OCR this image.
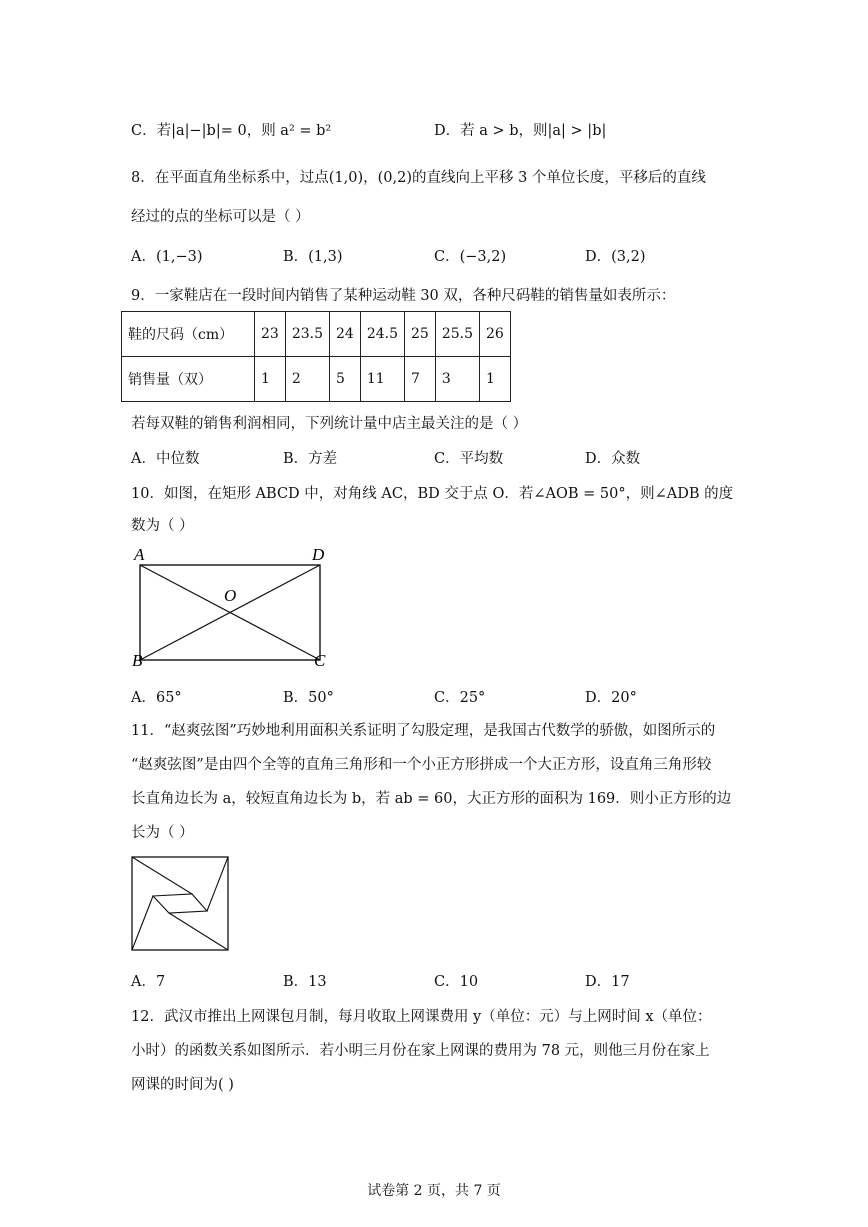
C．若|a|−|b|= 0，则 a² = b²	D．若 a > b，则|a| > |b|
8．在平面直角坐标系中，过点(1,0)，(0,2)的直线向上平移 3 个单位长度，平移后的直线
经过的点的坐标可以是（ ）
A．(1,−3)	B．(1,3)	C．(−3,2)	D．(3,2)
9．一家鞋店在一段时间内销售了某种运动鞋 30 双，各种尺码鞋的销售量如表所示：
鞋的尺码（cm）	23	23.5	24	24.5	25	25.5	26
销售量（双）	1	2	5	11	7	3	1
若每双鞋的销售利润相同，下列统计量中店主最关注的是（ ）
A．中位数	B．方差	C．平均数	D．众数
10．如图，在矩形 ABCD 中，对角线 AC，BD 交于点 O．若∠AOB = 50°，则∠ADB 的度
数为（ ）
A	D
O
B	C
A．65°	B．50°	C．25°	D．20°
11．“赵爽弦图”巧妙地利用面积关系证明了勾股定理，是我国古代数学的骄傲，如图所示的
“赵爽弦图”是由四个全等的直角三角形和一个小正方形拼成一个大正方形，设直角三角形较
长直角边长为 a，较短直角边长为 b，若 ab = 60，大正方形的面积为 169．则小正方形的边
长为（ ）
A．7	B．13	C．10	D．17
12．武汉市推出上网课包月制，每月收取上网课费用 y（单位：元）与上网时间 x（单位：
小时）的函数关系如图所示．若小明三月份在家上网课的费用为 78 元，则他三月份在家上
网课的时间为( )
试卷第 2 页，共 7 页
